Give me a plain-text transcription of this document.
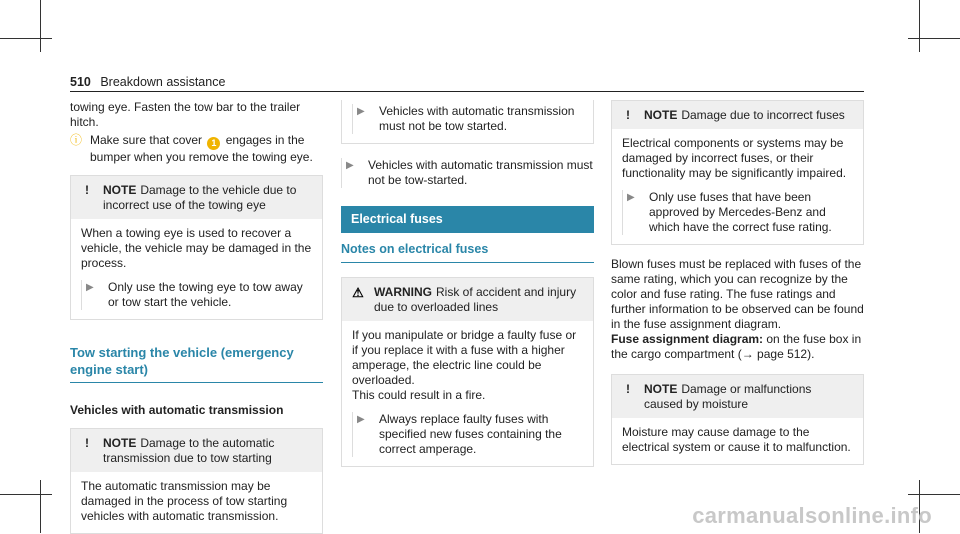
510 Breakdown assistance

towing eye. Fasten the tow bar to the trailer hitch.

ⓘ Make sure that cover 1 engages in the bumper when you remove the towing eye.
!	NOTE Damage to the vehicle due to incorrect use of the towing eye

When a towing eye is used to recover a vehicle, the vehicle may be damaged in the process.

▶	Only use the towing eye to tow away or tow start the vehicle.
Tow starting the vehicle (emergency engine start)
Vehicles with automatic transmission
!	NOTE Damage to the automatic transmission due to tow starting

The automatic transmission may be damaged in the process of tow starting vehicles with automatic transmission.

▶	Vehicles with automatic transmission must not be tow started.
▶	Vehicles with automatic transmission must not be tow-started.
Electrical fuses
Notes on electrical fuses
⚠ WARNING Risk of accident and injury due to overloaded lines

If you manipulate or bridge a faulty fuse or if you replace it with a fuse with a higher amperage, the electric line could be overloaded.

This could result in a fire.

▶	Always replace faulty fuses with specified new fuses containing the correct amperage.
!	NOTE Damage due to incorrect fuses

Electrical components or systems may be damaged by incorrect fuses, or their functionality may be significantly impaired.

▶	Only use fuses that have been approved by Mercedes-Benz and which have the correct fuse rating.

Blown fuses must be replaced with fuses of the same rating, which you can recognize by the color and fuse rating. The fuse ratings and further information to be observed can be found in the fuse assignment diagram.

Fuse assignment diagram: on the fuse box in the cargo compartment (→ page 512).

!	NOTE Damage or malfunctions caused by moisture

Moisture may cause damage to the electrical system or cause it to malfunction.

carmanualsonline.info
